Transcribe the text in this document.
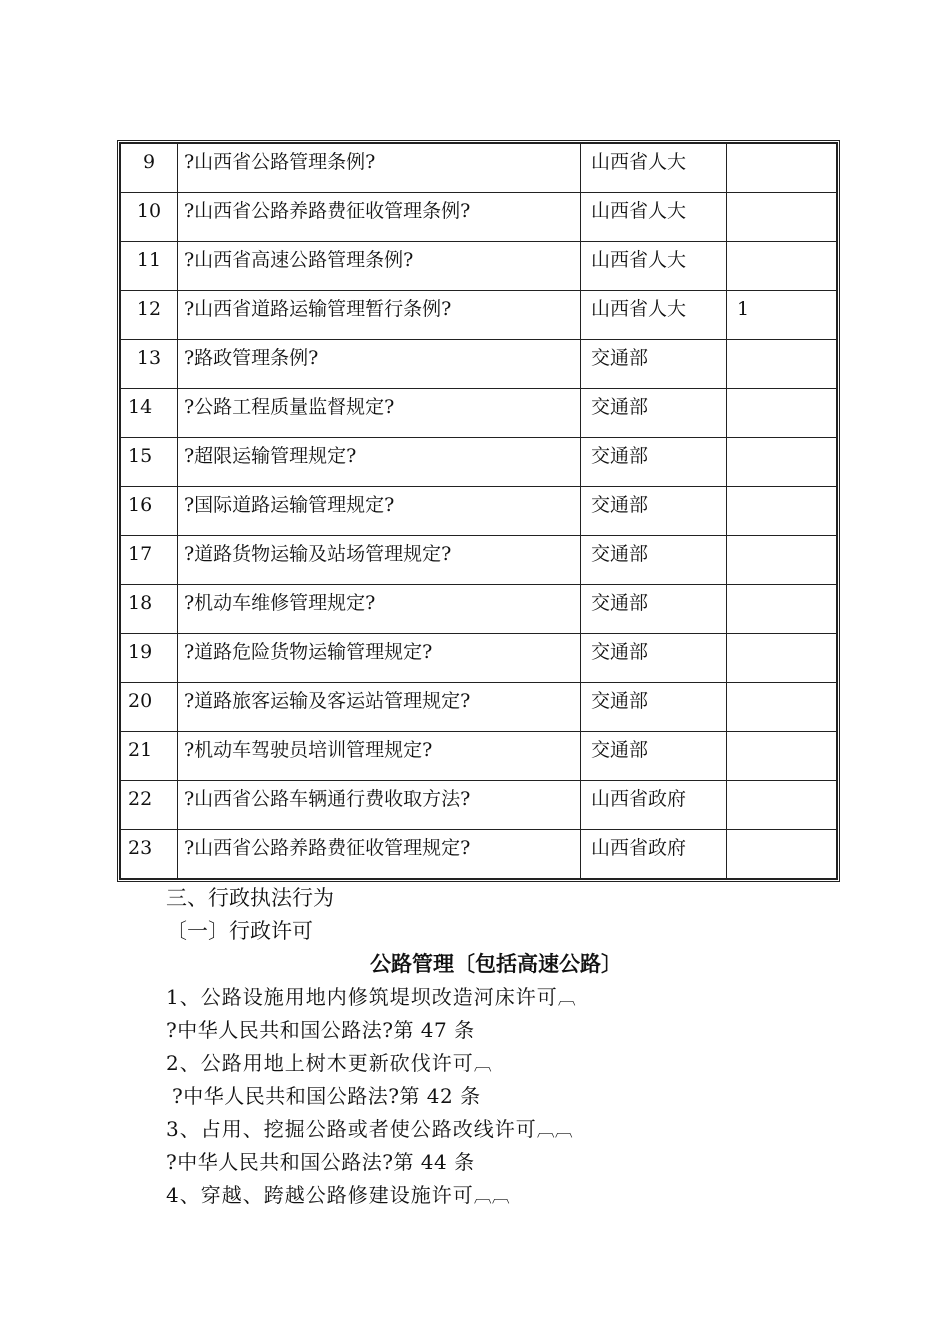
9	?山西省公路管理条例?	山西省人大	

10	?山西省公路养路费征收管理条例?	山西省人大	

11	?山西省高速公路管理条例?	山西省人大	

12	?山西省道路运输管理暂行条例?	山西省人大	1

13	?路政管理条例?	交通部	

14	?公路工程质量监督规定?	交通部	

15	?超限运输管理规定?	交通部	

16	?国际道路运输管理规定?	交通部	

17	?道路货物运输及站场管理规定?	交通部	

18	?机动车维修管理规定?	交通部	

19	?道路危险货物运输管理规定?	交通部	

20	?道路旅客运输及客运站管理规定?	交通部	

21	?机动车驾驶员培训管理规定?	交通部	

22	?山西省公路车辆通行费收取方法?	山西省政府	

23	?山西省公路养路费征收管理规定?	山西省政府	

三、行政执法行为
〔一〕行政许可
公路管理〔包括高速公路〕
1、公路设施用地内修筑堤坝改造河床许可︹
?中华人民共和国公路法?第 47 条
2、公路用地上树木更新砍伐许可︹
?中华人民共和国公路法?第 42 条
3、占用、挖掘公路或者使公路改线许可︹︹
?中华人民共和国公路法?第 44 条
4、穿越、跨越公路修建设施许可︹︹
